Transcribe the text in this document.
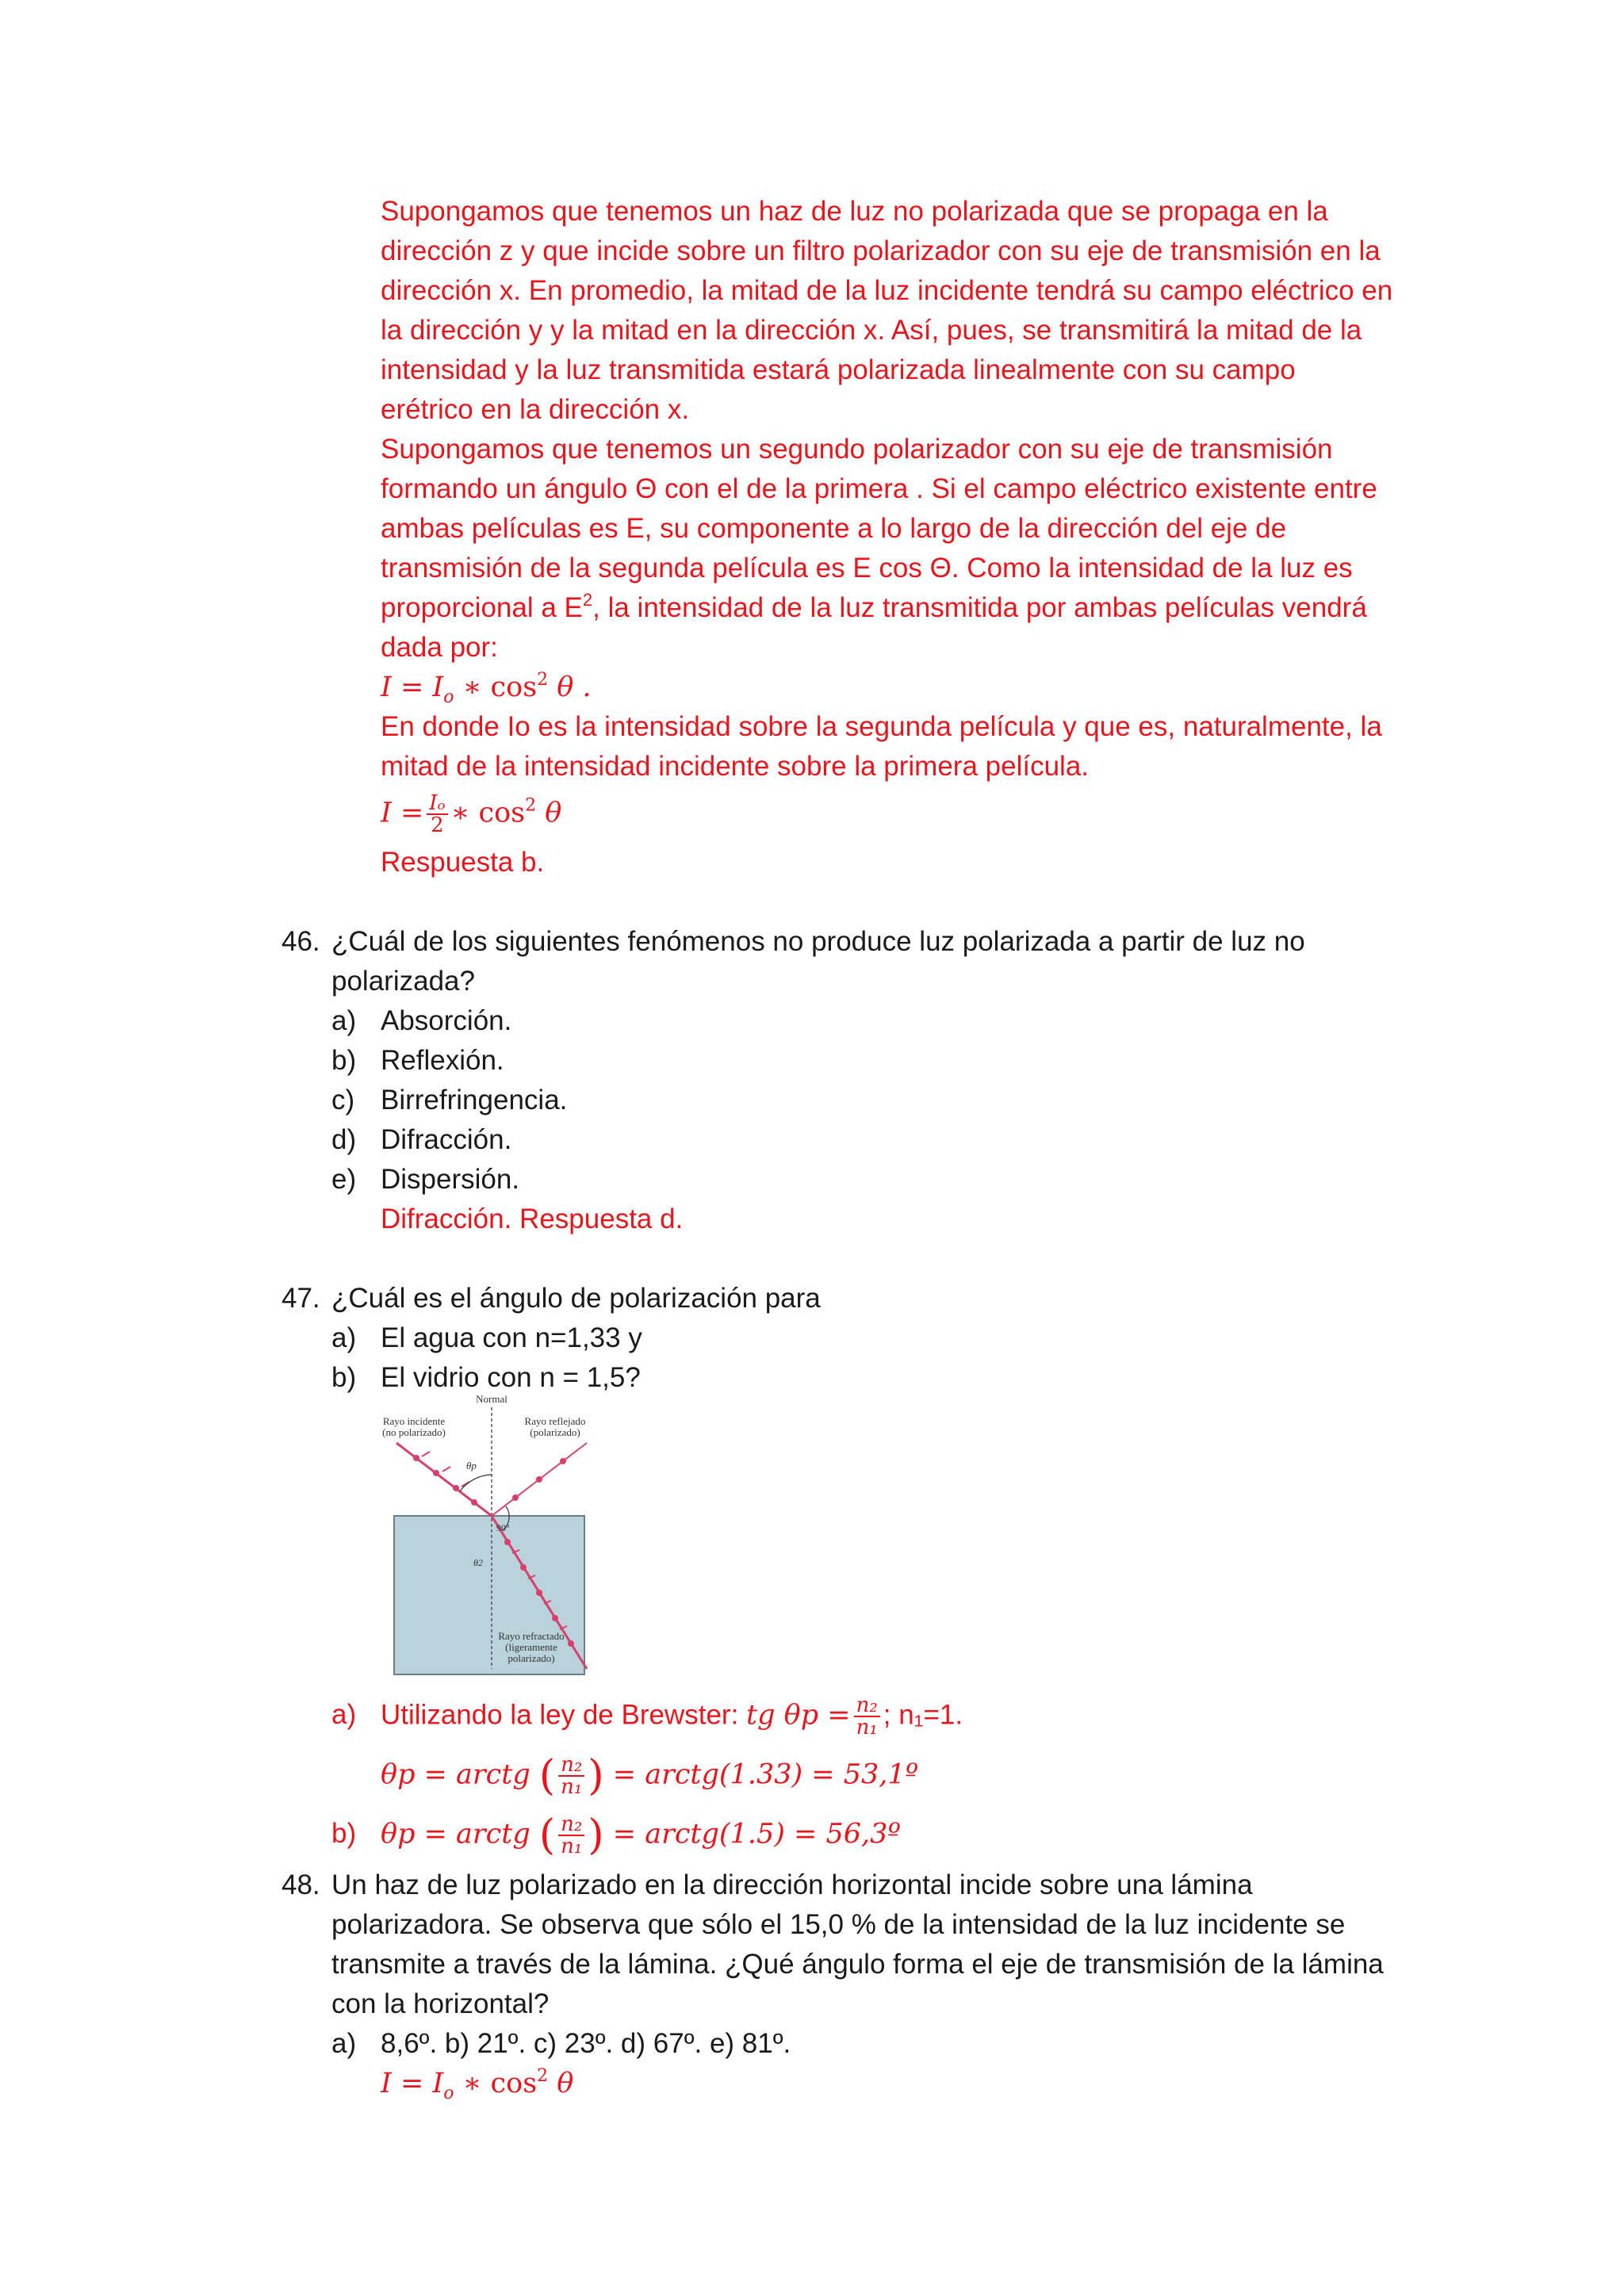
Supongamos que tenemos un haz de luz no polarizada que se propaga en la
dirección z y que incide sobre un filtro polarizador con su eje de transmisión en la
dirección x. En promedio, la mitad de la luz incidente tendrá su campo eléctrico en
la dirección y y la mitad en la dirección x. Así, pues, se transmitirá la mitad de la
intensidad y la luz transmitida estará polarizada linealmente con su campo
erétrico en la dirección x.
Supongamos que tenemos un segundo polarizador con su eje de transmisión
formando un ángulo Θ con el de la primera . Si el campo eléctrico existente entre
ambas películas es E, su componente a lo largo de la dirección del eje de
transmisión de la segunda película es E cos Θ. Como la intensidad de la luz es
proporcional a $E^2$, la intensidad de la luz transmitida por ambas películas vendrá
dada por:
$I = I_o$ ∗ $\cos^2 \theta$ .
En donde Io es la intensidad sobre la segunda película y que es, naturalmente, la
mitad de la intensidad incidente sobre la primera película.
$I = \frac{\text{Iₒ}}{2}$ ∗ $\cos^2 \theta$
Respuesta b.
46. ¿Cuál de los siguientes fenómenos no produce luz polarizada a partir de luz no
polarizada?
a) Absorción.
b) Reflexión.
c) Birrefringencia.
d) Difracción.
e) Dispersión.
Difracción. Respuesta d.
47. ¿Cuál es el ángulo de polarización para
a) El agua con n=1,33 y
b) El vidrio con n = 1,5?
Normal
Rayo incidente
(no polarizado)
Rayo reflejado
(polarizado)
θp
90°
θ2
Rayo refractado
(ligeramente
polarizado)
a) Utilizando la ley de Brewster: tg $\theta p = \frac{\text{n₂}}{\text{n₁}}$ ; n₁=1.
θp = arctg ( $\frac{\text{n₂}}{\text{n₁}}$ ) = arctg(1.33) = 53,1º
b) θp = arctg ( $\frac{\text{n₂}}{\text{n₁}}$ ) = arctg(1.5) = 56,3º
48. Un haz de luz polarizado en la dirección horizontal incide sobre una lámina
polarizadora. Se observa que sólo el 15,0 % de la intensidad de la luz incidente se
transmite a través de la lámina. ¿Qué ángulo forma el eje de transmisión de la lámina
con la horizontal?
a) 8,6º. b) 21º. c) 23º. d) 67º. e) 81º.
$I = I_o$ ∗ $\cos^2 \theta$
